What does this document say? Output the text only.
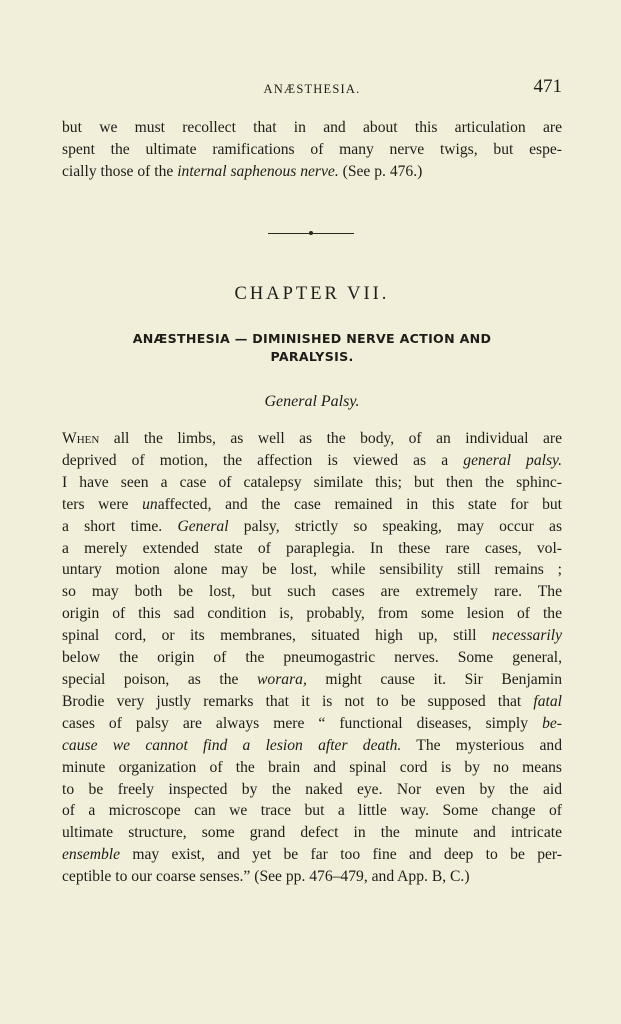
ANÆSTHESIA.	471

but we must recollect that in and about this articulation are
spent the ultimate ramifications of many nerve twigs, but espe-
cially those of the internal saphenous nerve. (See p. 476.)

CHAPTER VII.
ANÆSTHESIA — DIMINISHED NERVE ACTION AND
PARALYSIS.
General Palsy.

When all the limbs, as well as the body, of an individual are
deprived of motion, the affection is viewed as a general palsy.
I have seen a case of catalepsy similate this; but then the sphinc-
ters were unaffected, and the case remained in this state for but
a short time. General palsy, strictly so speaking, may occur as
a merely extended state of paraplegia. In these rare cases, vol-
untary motion alone may be lost, while sensibility still remains ;
so may both be lost, but such cases are extremely rare. The
origin of this sad condition is, probably, from some lesion of the
spinal cord, or its membranes, situated high up, still necessarily
below the origin of the pneumogastric nerves. Some general,
special poison, as the worara, might cause it. Sir Benjamin
Brodie very justly remarks that it is not to be supposed that fatal
cases of palsy are always mere “ functional diseases, simply be-
cause we cannot find a lesion after death. The mysterious and
minute organization of the brain and spinal cord is by no means
to be freely inspected by the naked eye. Nor even by the aid
of a microscope can we trace but a little way. Some change of
ultimate structure, some grand defect in the minute and intricate
ensemble may exist, and yet be far too fine and deep to be per-
ceptible to our coarse senses.” (See pp. 476–479, and App. B, C.)
